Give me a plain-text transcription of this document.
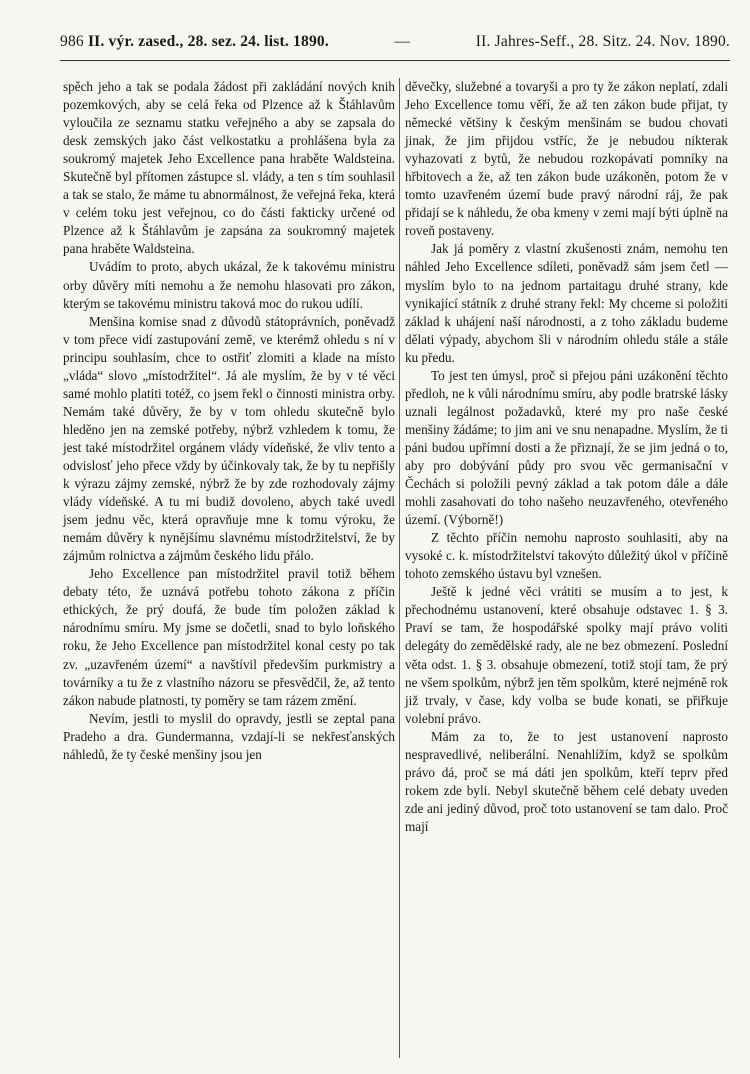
986 II. výr. zased., 28. sez. 24. list. 1890.	—	II. Jahres-Seff., 28. Sitz. 24. Nov. 1890.

spěch jeho a tak se podala žádost při zakládání nových knih pozemkových, aby se celá řeka od Plzence až k Štáhlavům vyloučila ze seznamu statku veřejného a aby se zapsala do desk zemských jako část velkostatku a prohlášena byla za soukromý majetek Jeho Excellence pana hraběte Waldsteina. Skutečně byl přítomen zástupce sl. vlády, a ten s tím souhlasil a tak se stalo, že máme tu abnormálnost, že veřejná řeka, která v celém toku jest veřejnou, co do části fakticky určené od Plzence až k Štáhlavům je zapsána za soukromný majetek pana hraběte Waldsteina.

Uvádím to proto, abych ukázal, že k takovému ministru orby důvěry míti nemohu a že nemohu hlasovati pro zákon, kterým se takovému ministru taková moc do rukou udílí.

Menšina komise snad z důvodů státoprávních, poněvadž v tom přece vidí zastupování země, ve kterémž ohledu s ní v principu souhlasím, chce to ostřiť zlomiti a klade na místo „vláda“ slovo „místodržitel“. Já ale myslím, že by v té věci samé mohlo platiti totéž, co jsem řekl o činnosti ministra orby. Nemám také důvěry, že by v tom ohledu skutečně bylo hleděno jen na zemské potřeby, nýbrž vzhledem k tomu, že jest také místodržitel orgánem vlády vídeňské, že vliv tento a odvislosť jeho přece vždy by účinkovaly tak, že by tu nepřišly k výrazu zájmy zemské, nýbrž že by zde rozhodovaly zájmy vlády vídeňské. A tu mi budiž dovoleno, abych také uvedl jsem jednu věc, která opravňuje mne k tomu výroku, že nemám důvěry k nynějšímu slavnému místodržitelství, že by zájmům rolnictva a zájmům českého lidu přálo.

Jeho Excellence pan místodržitel pravil totiž během debaty této, že uznává potřebu tohoto zákona z příčin ethických, že prý doufá, že bude tím položen základ k národnímu smíru. My jsme se dočetli, snad to bylo loňského roku, že Jeho Excellence pan místodržitel konal cesty po tak zv. „uzavřeném území“ a navštívil především purkmistry a továrníky a tu že z vlastního názoru se přesvědčil, že, až tento zákon nabude platnosti, ty poměry se tam rázem změní.

Nevím, jestli to myslil do opravdy, jestli se zeptal pana Pradeho a dra. Gundermanna, vzdají-li se nekřesťanských náhledů, že ty české menšiny jsou jen

děvečky, služebné a tovaryši a pro ty že zákon neplatí, zdali Jeho Excellence tomu věří, že až ten zákon bude přijat, ty německé většiny k českým menšinám se budou chovati jinak, že jim přijdou vstříc, že je nebudou nikterak vyhazovati z bytů, že nebudou rozkopávati pomníky na hřbitovech a že, až ten zákon bude uzákoněn, potom že v tomto uzavřeném území bude pravý národní ráj, že pak přidají se k náhledu, že oba kmeny v zemi mají býti úplně na roveň postaveny.

Jak já poměry z vlastní zkušenosti znám, nemohu ten náhled Jeho Excellence sdíleti, poněvadž sám jsem četl — myslím bylo to na jednom partaitagu druhé strany, kde vynikající státník z druhé strany řekl: My chceme si položiti základ k uhájení naší národnosti, a z toho základu budeme dělati výpady, abychom šli v národním ohledu stále a stále ku předu.

To jest ten úmysl, proč si přejou páni uzákonění těchto předloh, ne k vůli národnímu smíru, aby podle bratrské lásky uznali legálnost požadavků, které my pro naše české menšiny žádáme; to jim ani ve snu nenapadne. Myslím, že ti páni budou upřímní dosti a že přiznají, že se jim jedná o to, aby pro dobývání půdy pro svou věc germanisační v Čechách si položili pevný základ a tak potom dále a dále mohli zasahovati do toho našeho neuzavřeného, otevřeného území. (Výborně!)

Z těchto příčin nemohu naprosto souhlasiti, aby na vysoké c. k. místodržitelství takovýto důležitý úkol v příčině tohoto zemského ústavu byl vznešen.

Ještě k jedné věci vrátiti se musím a to jest, k přechodnému ustanovení, které obsahuje odstavec 1. § 3. Praví se tam, že hospodářské spolky mají právo voliti delegáty do zemědělské rady, ale ne bez obmezení. Poslední věta odst. 1. § 3. obsahuje obmezení, totiž stojí tam, že prý ne všem spolkům, nýbrž jen těm spolkům, které nejméně rok již trvaly, v čase, kdy volba se bude konati, se přiřkuje volební právo.

Mám za to, že to jest ustanovení naprosto nespravedlivé, neliberální. Nenahlížím, když se spolkům právo dá, proč se má dáti jen spolkům, kteří teprv před rokem zde byli. Nebyl skutečně během celé debaty uveden zde ani jediný důvod, proč toto ustanovení se tam dalo. Proč mají
